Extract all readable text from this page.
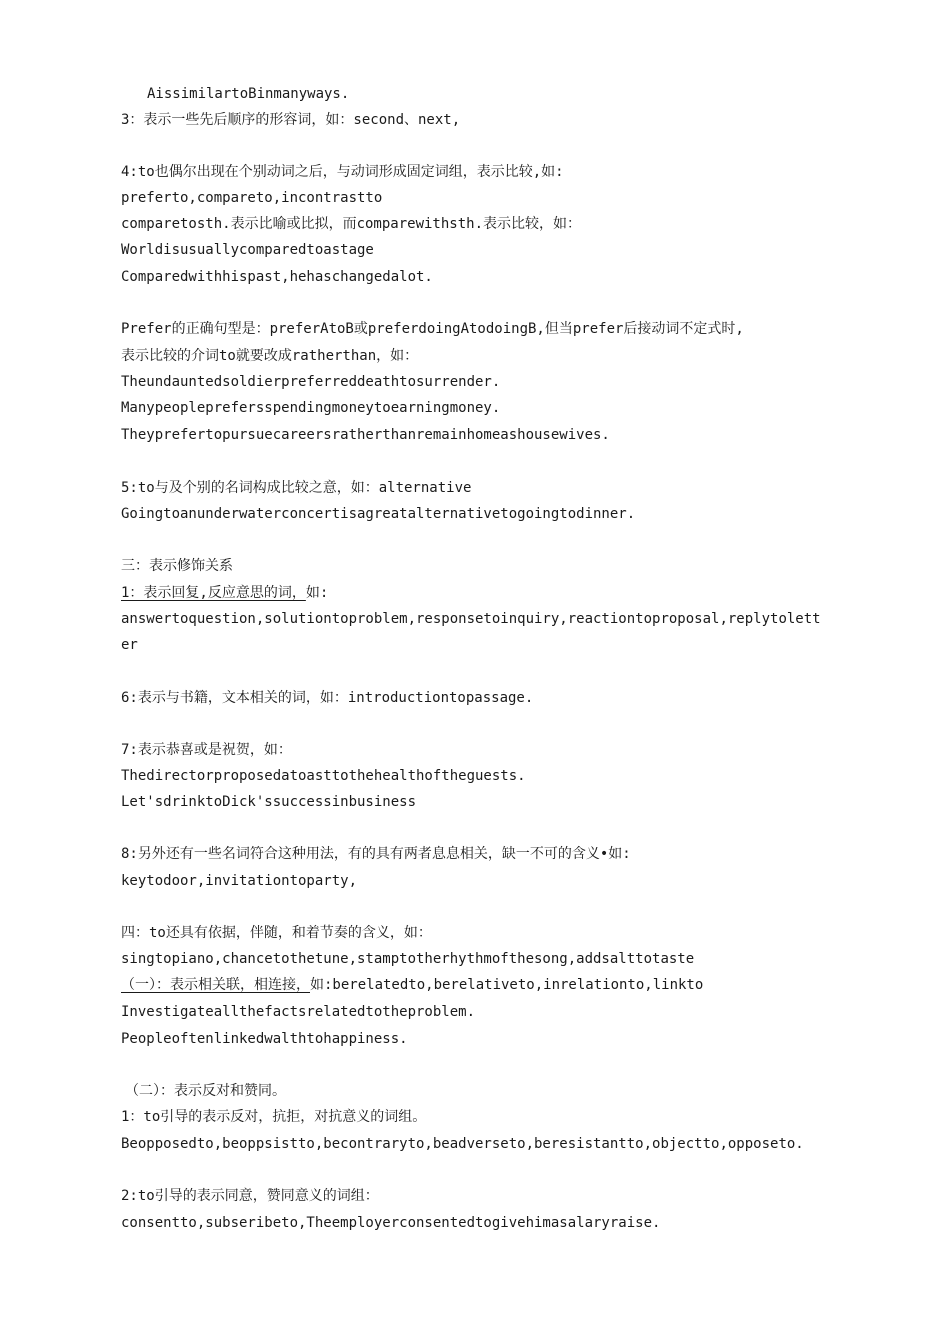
AissimilartoBinmanyways.
3：表示一些先后顺序的形容词，如：second、next,
4:to也偶尔出现在个别动词之后，与动词形成固定词组，表示比较,如:
preferto,compareto,incontrastto
comparetosth.表示比喻或比拟，而comparewithsth.表示比较，如：
Worldisusuallycomparedtoastage
Comparedwithhispast,hehaschangedalot.
Prefer的正确句型是：preferAtoB或preferdoingAtodoingB,但当prefer后接动词不定式时,
表示比较的介词to就要改成ratherthan，如：
Theundauntedsoldierpreferreddeathtosurrender.
Manypeopleprefersspendingmoneytoearningmoney.
Theyprefertopursuecareersratherthanremainhomeashousewives.
5:to与及个别的名词构成比较之意，如：alternative
Goingtoanunderwaterconcertisagreatalternativetogoingtodinner.
三：表示修饰关系
1：表示回复,反应意思的词，如:
answertoquestion,solutiontoproblem,responsetoinquiry,reactiontoproposal,replytolett
er
6:表示与书籍，文本相关的词，如：introductiontopassage.
7:表示恭喜或是祝贺，如：
Thedirectorproposedatoasttothehealthoftheguests.
Let'sdrinktoDick'ssuccessinbusiness
8:另外还有一些名词符合这种用法，有的具有两者息息相关，缺一不可的含义•如:
keytodoor,invitationtoparty,
四：to还具有依据，伴随，和着节奏的含义，如：
singtopiano,chancetothetune,stamptotherhythmofthesong,addsalttotaste
（一）：表示相关联，相连接，如:berelatedto,berelativeto,inrelationto,linkto
Investigateallthefactsrelatedtotheproblem.
Peopleoftenlinkedwalthtohappiness.
（二）：表示反对和赞同。
1：to引导的表示反对，抗拒，对抗意义的词组。
Beopposedto,beoppsistto,becontraryto,beadverseto,beresistantto,objectto,opposeto.
2:to引导的表示同意，赞同意义的词组：
consentto,subseribeto,Theemployerconsentedtogivehimasalaryraise.
